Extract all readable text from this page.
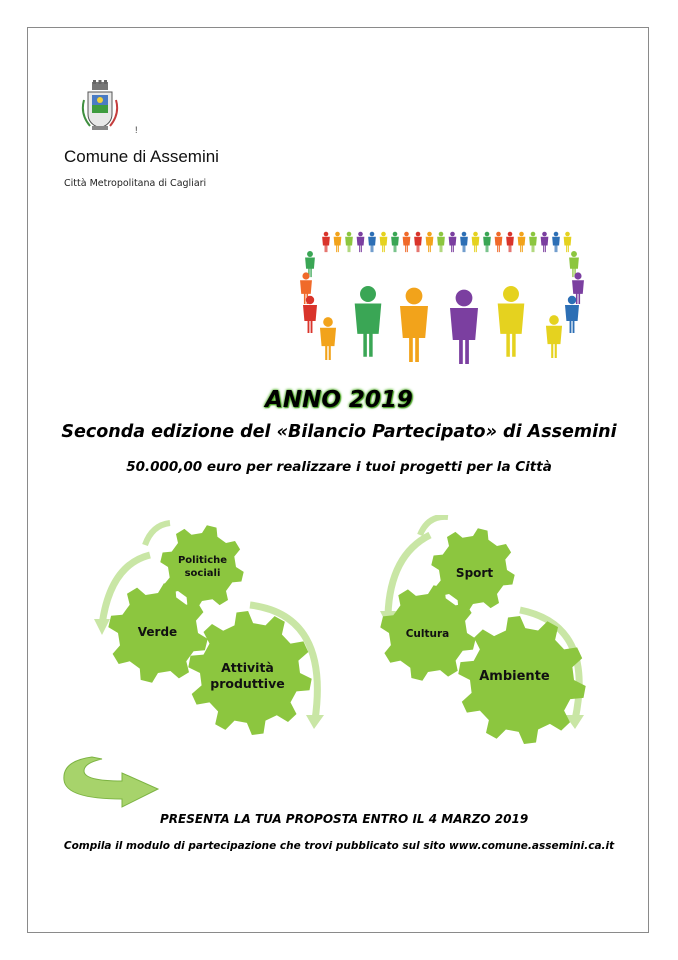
!
Comune di Assemini
Città Metropolitana di Cagliari
ANNO 2019
Seconda edizione del «Bilancio Partecipato» di Assemini
50.000,00 euro per realizzare i tuoi progetti per la Città
Politiche
sociali
Verde
Attività
produttive
Sport
Cultura
Ambiente
PRESENTA LA TUA PROPOSTA ENTRO IL 4 MARZO 2019
Compila il modulo di partecipazione che trovi pubblicato sul sito www.comune.assemini.ca.it
